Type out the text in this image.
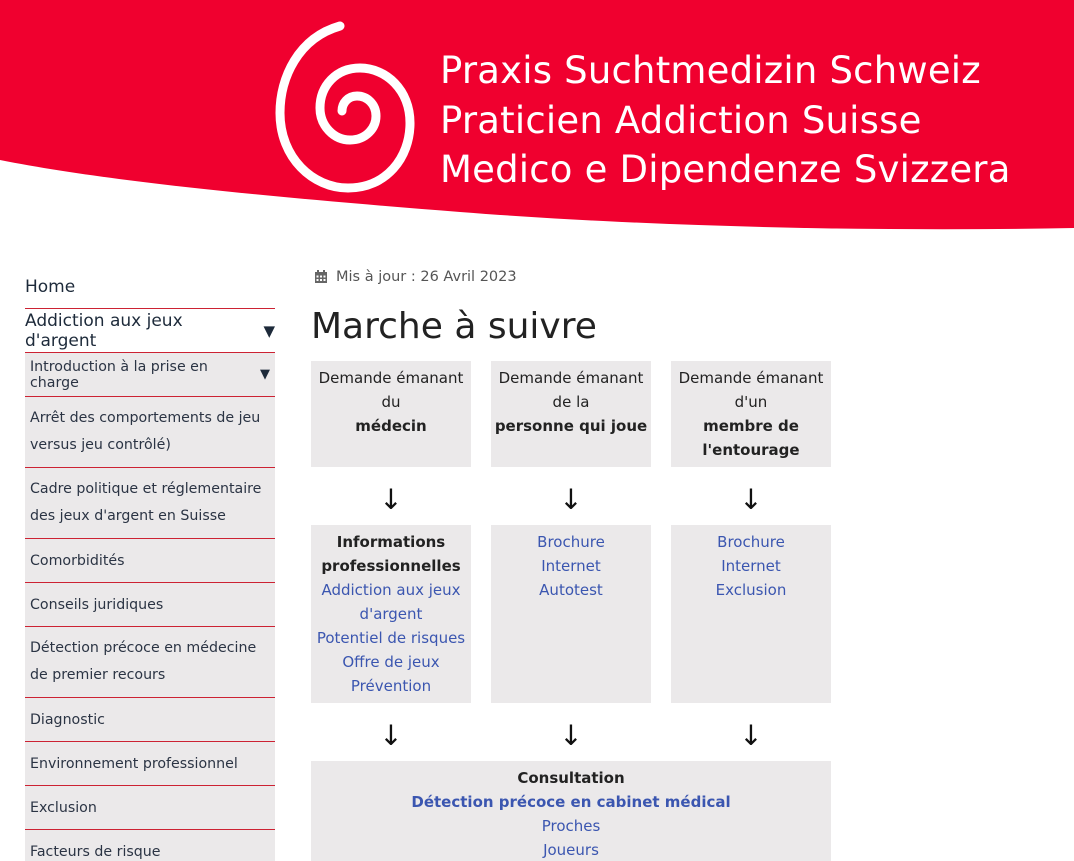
Praxis Suchtmedizin Schweiz
Praticien Addiction Suisse
Medico e Dipendenze Svizzera
Home
Addiction aux jeux d'argent	▼
Introduction à la prise en charge	▼
Arrêt des comportements de jeu versus jeu contrôlé)
Cadre politique et réglementaire des jeux d'argent en Suisse
Comorbidités
Conseils juridiques
Détection précoce en médecine de premier recours
Diagnostic
Environnement professionnel
Exclusion
Facteurs de risque
Mis à jour : 26 Avril 2023
Marche à suivre
Demande émanant
du
médecin
Demande émanant
de la
personne qui joue
Demande émanant
d'un
membre de
l'entourage
↓	↓	↓
Informations
professionnelles
Addiction aux jeux
d'argent
Potentiel de risques
Offre de jeux
Prévention
Brochure
Internet
Autotest
Brochure
Internet
Exclusion
↓	↓	↓
Consultation
Détection précoce en cabinet médical
Proches
Joueurs
